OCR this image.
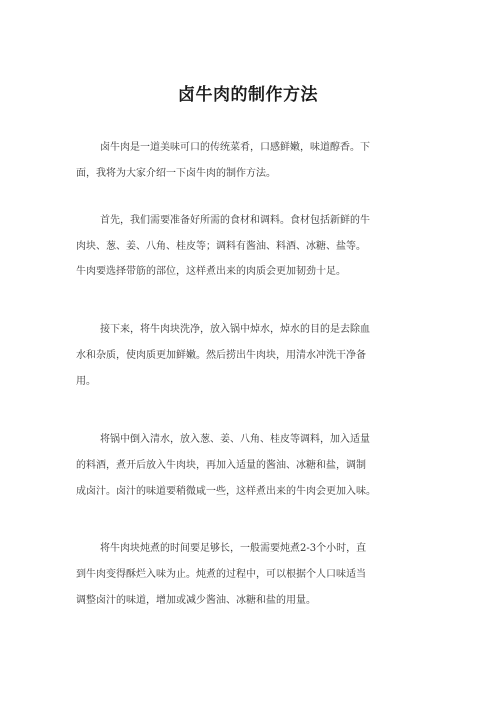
卤牛肉的制作方法
卤牛肉是一道美味可口的传统菜肴，口感鲜嫩，味道醇香。下
面，我将为大家介绍一下卤牛肉的制作方法。
首先，我们需要准备好所需的食材和调料。食材包括新鲜的牛
肉块、葱、姜、八角、桂皮等；调料有酱油、料酒、冰糖、盐等。
牛肉要选择带筋的部位，这样煮出来的肉质会更加韧劲十足。
接下来，将牛肉块洗净，放入锅中焯水，焯水的目的是去除血
水和杂质，使肉质更加鲜嫩。然后捞出牛肉块，用清水冲洗干净备
用。
将锅中倒入清水，放入葱、姜、八角、桂皮等调料，加入适量
的料酒，煮开后放入牛肉块，再加入适量的酱油、冰糖和盐，调制
成卤汁。卤汁的味道要稍微咸一些，这样煮出来的牛肉会更加入味。
将牛肉块炖煮的时间要足够长，一般需要炖煮2-3个小时，直
到牛肉变得酥烂入味为止。炖煮的过程中，可以根据个人口味适当
调整卤汁的味道，增加或减少酱油、冰糖和盐的用量。
